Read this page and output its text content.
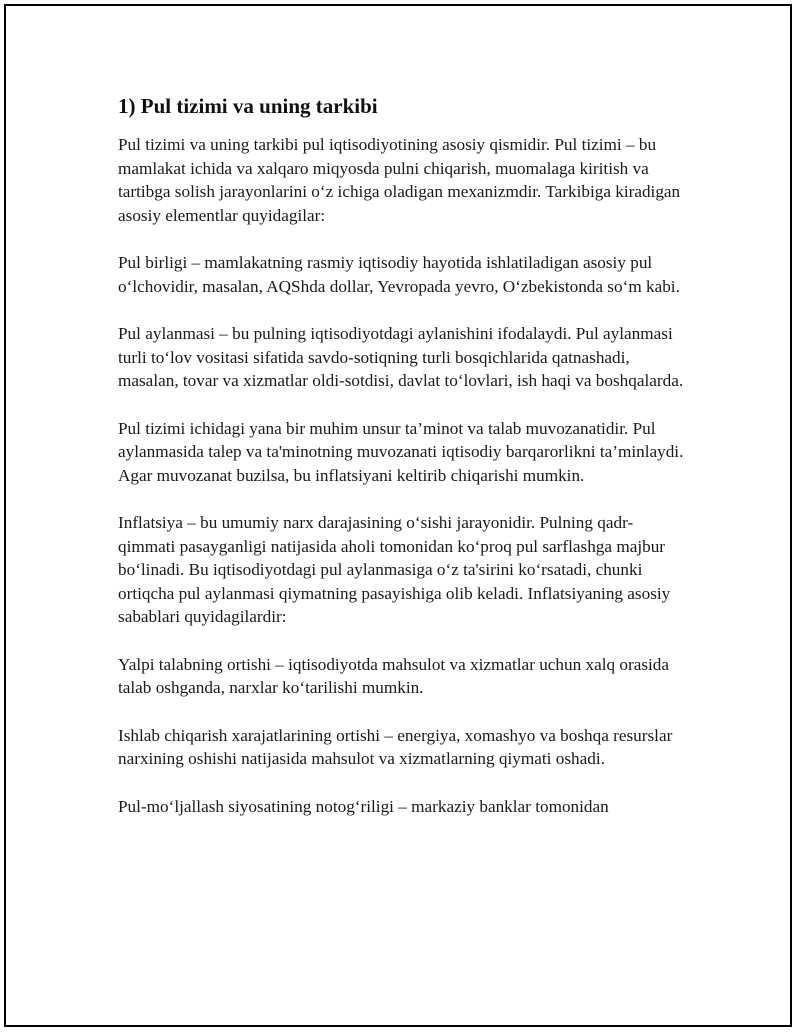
1) Pul tizimi va uning tarkibi

Pul tizimi va uning tarkibi pul iqtisodiyotining asosiy qismidir. Pul tizimi – bu mamlakat ichida va xalqaro miqyosda pulni chiqarish, muomalaga kiritish va tartibga solish jarayonlarini o‘z ichiga oladigan mexanizmdir. Tarkibiga kiradigan asosiy elementlar quyidagilar:

Pul birligi – mamlakatning rasmiy iqtisodiy hayotida ishlatiladigan asosiy pul o‘lchovidir, masalan, AQShda dollar, Yevropada yevro, O‘zbekistonda so‘m kabi.

Pul aylanmasi – bu pulning iqtisodiyotdagi aylanishini ifodalaydi. Pul aylanmasi turli to‘lov vositasi sifatida savdo-sotiqning turli bosqichlarida qatnashadi, masalan, tovar va xizmatlar oldi-sotdisi, davlat to‘lovlari, ish haqi va boshqalarda.

Pul tizimi ichidagi yana bir muhim unsur ta’minot va talab muvozanatidir. Pul aylanmasida talep va ta'minotning muvozanati iqtisodiy barqarorlikni ta’minlaydi. Agar muvozanat buzilsa, bu inflatsiyani keltirib chiqarishi mumkin.

Inflatsiya – bu umumiy narx darajasining o‘sishi jarayonidir. Pulning qadr-qimmati pasayganligi natijasida aholi tomonidan ko‘proq pul sarflashga majbur bo‘linadi. Bu iqtisodiyotdagi pul aylanmasiga o‘z ta'sirini ko‘rsatadi, chunki ortiqcha pul aylanmasi qiymatning pasayishiga olib keladi. Inflatsiyaning asosiy sabablari quyidagilardir:

Yalpi talabning ortishi – iqtisodiyotda mahsulot va xizmatlar uchun xalq orasida talab oshganda, narxlar ko‘tarilishi mumkin.

Ishlab chiqarish xarajatlarining ortishi – energiya, xomashyo va boshqa resurslar narxining oshishi natijasida mahsulot va xizmatlarning qiymati oshadi.

Pul-mo‘ljallash siyosatining notog‘riligi – markaziy banklar tomonidan
